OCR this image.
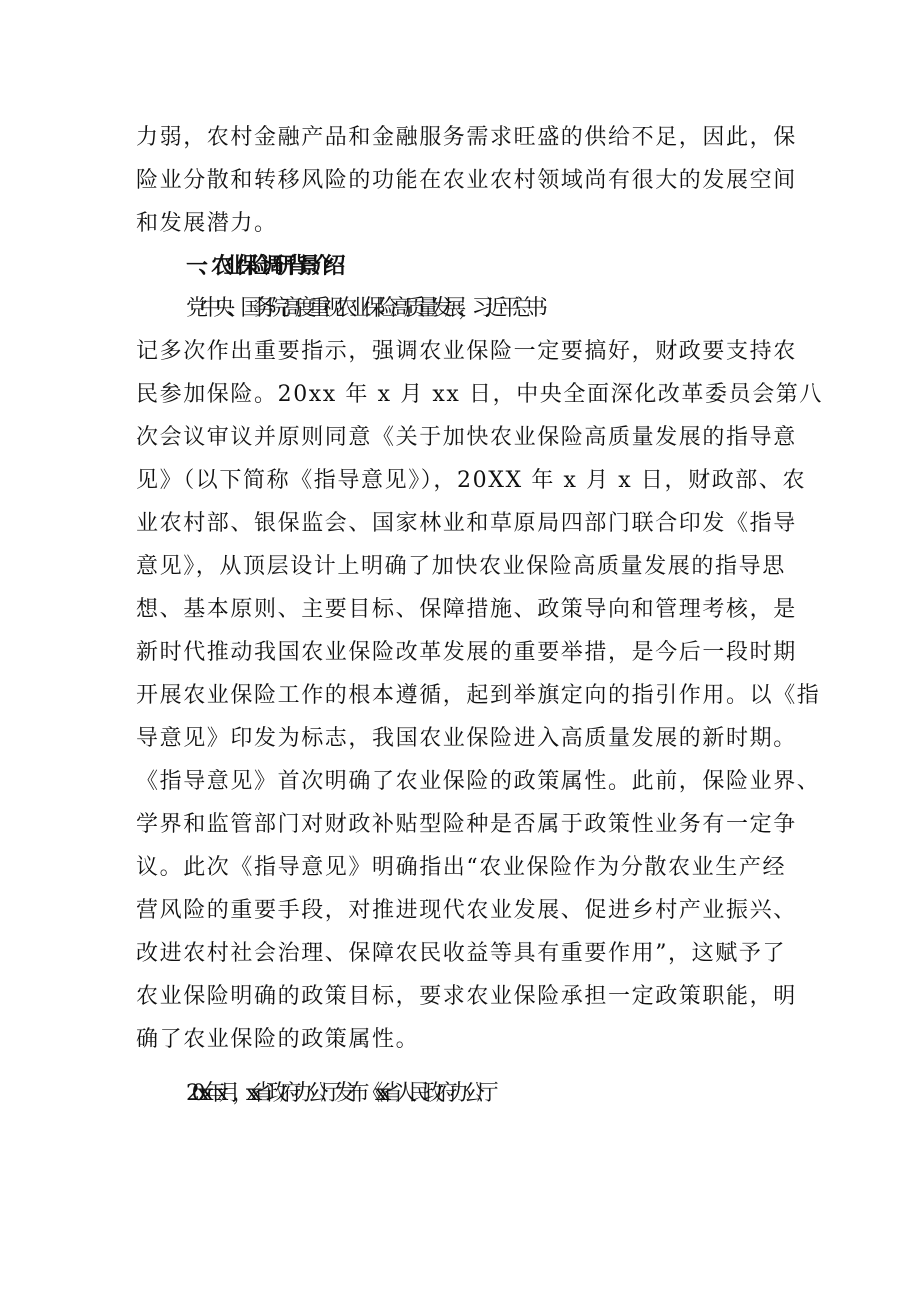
力弱，农村金融产品和金融服务需求旺盛的供给不足，因此，保
险业分散和转移风险的功能在农业农村领域尚有很大的发展空间
和发展潜力。
一、农业保险调研背景介绍
党中央、国务院高度重视农业保险高质量发展，习近平总书
记多次作出重要指示，强调农业保险一定要搞好，财政要支持农
民参加保险。20xx 年 x 月 xx 日，中央全面深化改革委员会第八
次会议审议并原则同意《关于加快农业保险高质量发展的指导意
见》（以下简称《指导意见》），20XX 年 x 月 x 日，财政部、农
业农村部、银保监会、国家林业和草原局四部门联合印发《指导
意见》，从顶层设计上明确了加快农业保险高质量发展的指导思
想、基本原则、主要目标、保障措施、政策导向和管理考核，是
新时代推动我国农业保险改革发展的重要举措，是今后一段时期
开展农业保险工作的根本遵循，起到举旗定向的指引作用。以《指
导意见》印发为标志，我国农业保险进入高质量发展的新时期。
《指导意见》首次明确了农业保险的政策属性。此前，保险业界、
学界和监管部门对财政补贴型险种是否属于政策性业务有一定争
议。此次《指导意见》明确指出“农业保险作为分散农业生产经
营风险的重要手段，对推进现代农业发展、促进乡村产业振兴、
改进农村社会治理、保障农民收益等具有重要作用”，这赋予了
农业保险明确的政策目标，要求农业保险承担一定政策职能，明
确了农业保险的政策属性。
20xx 年 x 月，xx 省政府办公厅发布《xx 省人民政府办公厅
